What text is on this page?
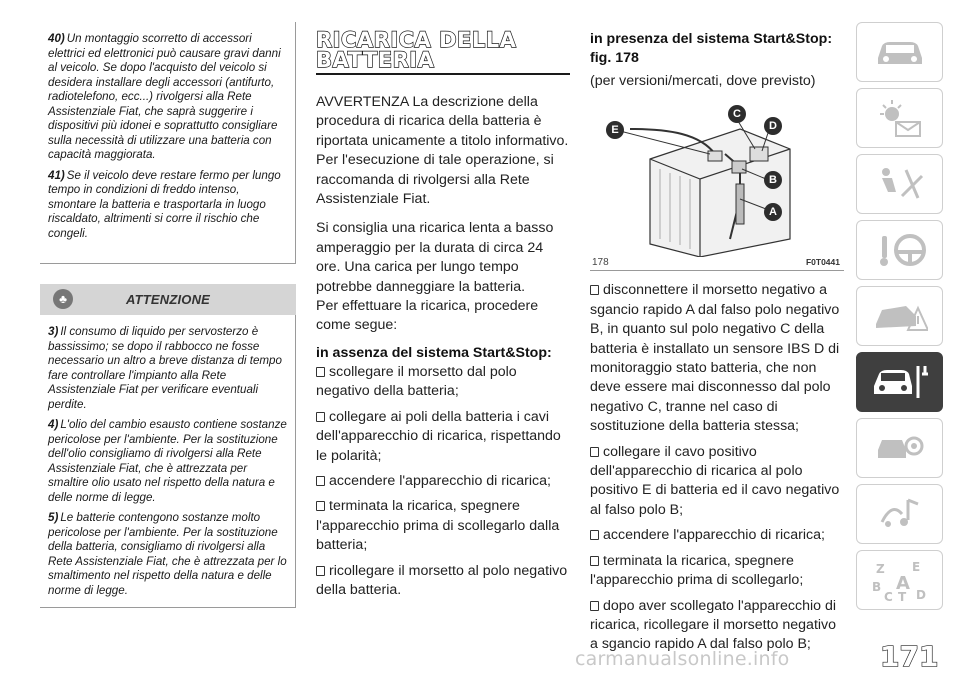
40) Un montaggio scorretto di accessori elettrici ed elettronici può causare gravi danni al veicolo. Se dopo l'acquisto del veicolo si desidera installare degli accessori (antifurto, radiotelefono, ecc...) rivolgersi alla Rete Assistenziale Fiat, che saprà suggerire i dispositivi più idonei e soprattutto consigliare sulla necessità di utilizzare una batteria con capacità maggiorata.

41) Se il veicolo deve restare fermo per lungo tempo in condizioni di freddo intenso, smontare la batteria e trasportarla in luogo riscaldato, altrimenti si corre il rischio che congeli.

♣	ATTENZIONE

3) Il consumo di liquido per servosterzo è bassissimo; se dopo il rabbocco ne fosse necessario un altro a breve distanza di tempo fare controllare l'impianto alla Rete Assistenziale Fiat per verificare eventuali perdite.

4) L'olio del cambio esausto contiene sostanze pericolose per l'ambiente. Per la sostituzione dell'olio consigliamo di rivolgersi alla Rete Assistenziale Fiat, che è attrezzata per smaltire olio usato nel rispetto della natura e delle norme di legge.

5) Le batterie contengono sostanze molto pericolose per l'ambiente. Per la sostituzione della batteria, consigliamo di rivolgersi alla Rete Assistenziale Fiat, che è attrezzata per lo smaltimento nel rispetto della natura e delle norme di legge.

RICARICA DELLA
BATTERIA

AVVERTENZA La descrizione della procedura di ricarica della batteria è riportata unicamente a titolo informativo. Per l'esecuzione di tale operazione, si raccomanda di rivolgersi alla Rete Assistenziale Fiat.

Si consiglia una ricarica lenta a basso amperaggio per la durata di circa 24 ore. Una carica per lungo tempo potrebbe danneggiare la batteria.

Per effettuare la ricarica, procedere come segue:

in assenza del sistema Start&Stop:

scollegare il morsetto dal polo negativo della batteria;

collegare ai poli della batteria i cavi dell'apparecchio di ricarica, rispettando le polarità;

accendere l'apparecchio di ricarica;

terminata la ricarica, spegnere l'apparecchio prima di scollegarlo dalla batteria;

ricollegare il morsetto al polo negativo della batteria.

in presenza del sistema Start&Stop: fig. 178

(per versioni/mercati, dove previsto)

E
C
D
B
A
178	F0T0441

disconnettere il morsetto negativo a sgancio rapido A dal falso polo negativo B, in quanto sul polo negativo C della batteria è installato un sensore IBS D di monitoraggio stato batteria, che non deve essere mai disconnesso dal polo negativo C, tranne nel caso di sostituzione della batteria stessa;

collegare il cavo positivo dell'apparecchio di ricarica al polo positivo E di batteria ed il cavo negativo al falso polo B;

accendere l'apparecchio di ricarica;

terminata la ricarica, spegnere l'apparecchio prima di scollegarlo;

dopo aver scollegato l'apparecchio di ricarica, ricollegare il morsetto negativo a sgancio rapido A dal falso polo B;

Z E
B A
C T D
171
carmanualsonline.info
